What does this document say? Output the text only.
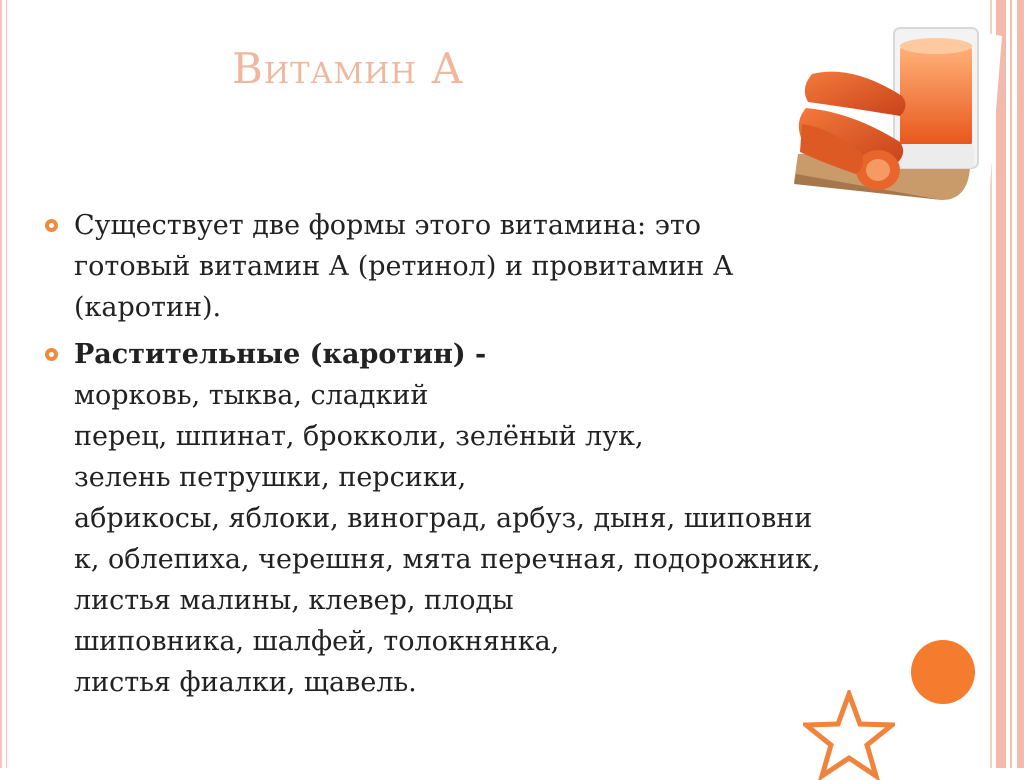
Витамин А
Существует две формы этого витамина: это
готовый витамин А (ретинол) и провитамин А
(каротин).
Растительные (каротин) -
морковь, тыква, сладкий
перец, шпинат, брокколи, зелёный лук,
зелень петрушки, персики,
абрикосы, яблоки, виноград, арбуз, дыня, шиповни
к, облепиха, черешня, мята перечная, подорожник,
листья малины, клевер, плоды
шиповника, шалфей, толокнянка,
листья фиалки, щавель.
